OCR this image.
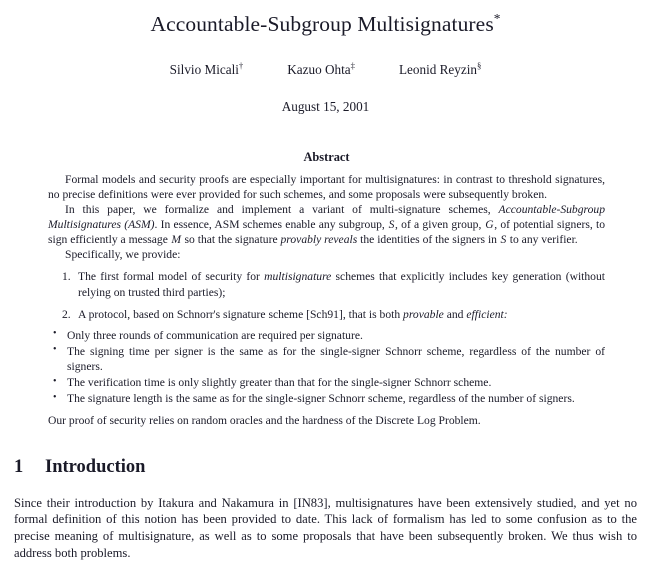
Accountable-Subgroup Multisignatures*
Silvio Micali†	Kazuo Ohta‡	Leonid Reyzin§
August 15, 2001
Abstract

Formal models and security proofs are especially important for multisignatures: in contrast to threshold signatures, no precise definitions were ever provided for such schemes, and some proposals were subsequently broken.

In this paper, we formalize and implement a variant of multi-signature schemes, Accountable-Subgroup Multisignatures (ASM). In essence, ASM schemes enable any subgroup, S, of a given group, G, of potential signers, to sign efficiently a message M so that the signature provably reveals the identities of the signers in S to any verifier.

Specifically, we provide:

The first formal model of security for multisignature schemes that explicitly includes key generation (without relying on trusted third parties);
A protocol, based on Schnorr's signature scheme [Sch91], that is both provable and efficient:
• Only three rounds of communication are required per signature.
• The signing time per signer is the same as for the single-signer Schnorr scheme, regardless of the number of signers.
• The verification time is only slightly greater than that for the single-signer Schnorr scheme.
• The signature length is the same as for the single-signer Schnorr scheme, regardless of the number of signers.

Our proof of security relies on random oracles and the hardness of the Discrete Log Problem.

1 Introduction

Since their introduction by Itakura and Nakamura in [IN83], multisignatures have been extensively studied, and yet no formal definition of this notion has been provided to date. This lack of formalism has led to some confusion as to the precise meaning of multisignature, as well as to some proposals that have been subsequently broken. We thus wish to address both problems.
